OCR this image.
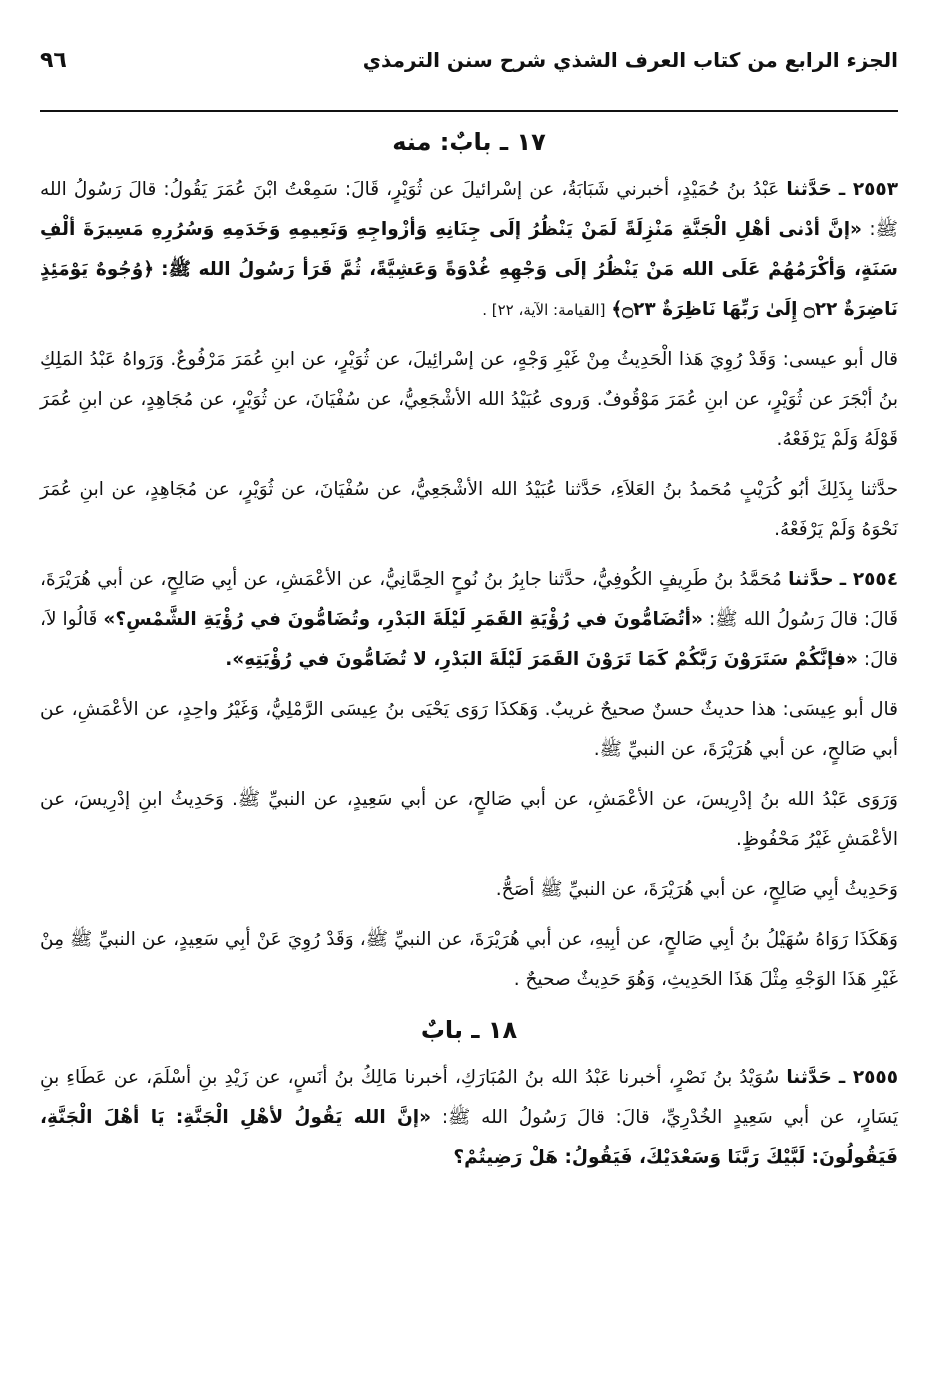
الجزء الرابع من كتاب العرف الشذي شرح سنن الترمذي
٩٦
١٧ ـ بابٌ: منه

٢٥٥٣ ـ حَدَّثنا عَبْدُ بنُ حُمَيْدٍ، أخبرني شَبَابَةُ، عن إسْرائيلَ عن ثُوَيْرٍ، قَالَ: سَمِعْتُ ابْنَ عُمَرَ يَقُولُ: قالَ رَسُولُ الله ﷺ: «إنَّ أدْنى أهْلِ الْجَنَّةِ مَنْزِلَةً لَمَنْ يَنْظُرُ إلَى جِنَانِهِ وَأزْواجِهِ وَنَعِيمِهِ وَخَدَمِهِ وَسُرُرِهِ مَسِيرَةَ ألْفِ سَنَةٍ، وَأكْرَمُهُمْ عَلَى الله مَنْ يَنْظُرُ إلَى وَجْهِهِ غُدْوَةً وَعَشِيَّةً، ثُمَّ قَرَأ رَسُولُ الله ﷺ: ﴿وُجُوهٌ يَوْمَئِذٍ نَاضِرَةٌ ۝٢٢ إِلَىٰ رَبِّهَا نَاظِرَةٌ ۝٢٣﴾ [القيامة: الآية، ٢٢] .

قال أبو عيسى: وَقَدْ رُوِيَ هَذا الْحَدِيثُ مِنْ غَيْرِ وَجْهٍ، عن إسْرائِيلَ، عن ثُوَيْرٍ، عن ابنِ عُمَرَ مَرْفُوعٌ. وَرَواهُ عَبْدُ المَلِكِ بنُ أبْجَرَ عن ثُوَيْرٍ، عن ابنِ عُمَرَ مَوْقُوفٌ. وَروى عُبَيْدُ الله الأشْجَعِيُّ، عن سُفْيَانَ، عن ثُوَيْرٍ، عن مُجَاهِدٍ، عن ابنِ عُمَرَ قَوْلَهُ وَلَمْ يَرْفَعْهُ.

حدَّثنا بِذَلِكَ أبُو كُرَيْبٍ مُحَمدُ بنُ العَلاَءِ، حَدَّثنا عُبَيْدُ الله الأشْجَعِيُّ، عن سُفْيَانَ، عن ثُوَيْرٍ، عن مُجَاهِدٍ، عن ابنِ عُمَرَ نَحْوَهُ وَلَمْ يَرْفَعْهُ.

٢٥٥٤ ـ حدَّثنا مُحَمَّدُ بنُ طَرِيفٍ الكُوفِيُّ، حدَّثنا جابِرُ بنُ نُوحٍ الحِمَّانِيُّ، عن الأعْمَشِ، عن أبِي صَالِحٍ، عن أبي هُرَيْرَةَ، قَالَ: قالَ رَسُولُ الله ﷺ: «أتُضَامُّونَ في رُؤْيَةِ القَمَرِ لَيْلَةَ البَدْرِ، وتُضَامُّونَ في رُؤْيَةِ الشَّمْسِ؟» قَالُوا لاَ، قالَ: «فإنَّكُمْ سَتَرَوْنَ رَبَّكُمْ كَمَا تَرَوْنَ القَمَرَ لَيْلَةَ البَدْرِ، لا تُضَامُّونَ في رُؤْيَتِهِ».

قال أبو عِيسَى: هذا حديثٌ حسنٌ صحيحٌ غريبٌ. وَهَكذَا رَوَى يَحْيَى بنُ عِيسَى الرَّمْلِيُّ، وَغَيْرُ واحِدٍ، عن الأعْمَشِ، عن أبي صَالحٍ، عن أبي هُرَيْرَةَ، عن النبيِّ ﷺ.

وَرَوَى عَبْدُ الله بنُ إدْرِيسَ، عن الأعْمَشِ، عن أبي صَالحٍ، عن أبي سَعِيدٍ، عن النبيِّ ﷺ. وَحَدِيثُ ابنِ إدْرِيسَ، عن الأعْمَشِ غَيْرُ مَحْفُوظٍ.

وَحَدِيثُ أبِي صَالِحٍ، عن أبي هُرَيْرَةَ، عن النبيِّ ﷺ أصَحُّ.

وَهَكَذَا رَوَاهُ سُهَيْلُ بنُ أبِي صَالحٍ، عن أبِيهِ، عن أبي هُرَيْرَةَ، عن النبيِّ ﷺ، وَقَدْ رُوِيَ عَنْ أبِي سَعِيدٍ، عن النبيِّ ﷺ مِنْ غَيْرِ هَذَا الوَجْهِ مِثْلَ هَذَا الحَدِيثِ، وَهُوَ حَدِيثٌ صحيحٌ .

١٨ ـ بابٌ

٢٥٥٥ ـ حَدَّثنا سُوَيْدُ بنُ نَصْرٍ، أخبرنا عَبْدُ الله بنُ المُبَارَكِ، أخبرنا مَالِكُ بنُ أنَسٍ، عن زَيْدِ بنِ أسْلَمَ، عن عَطَاءِ بنِ يَسَارٍ، عن أبي سَعِيدٍ الخُدْرِيِّ، قالَ: قالَ رَسُولُ الله ﷺ: «إنَّ الله يَقُولُ لأهْلِ الْجَنَّةِ: يَا أهْلَ الْجَنَّةِ، فَيَقُولُونَ: لَبَّيْكَ رَبَّنَا وَسَعْدَيْكَ، فَيَقُولُ: هَلْ رَضِيتُمْ؟
